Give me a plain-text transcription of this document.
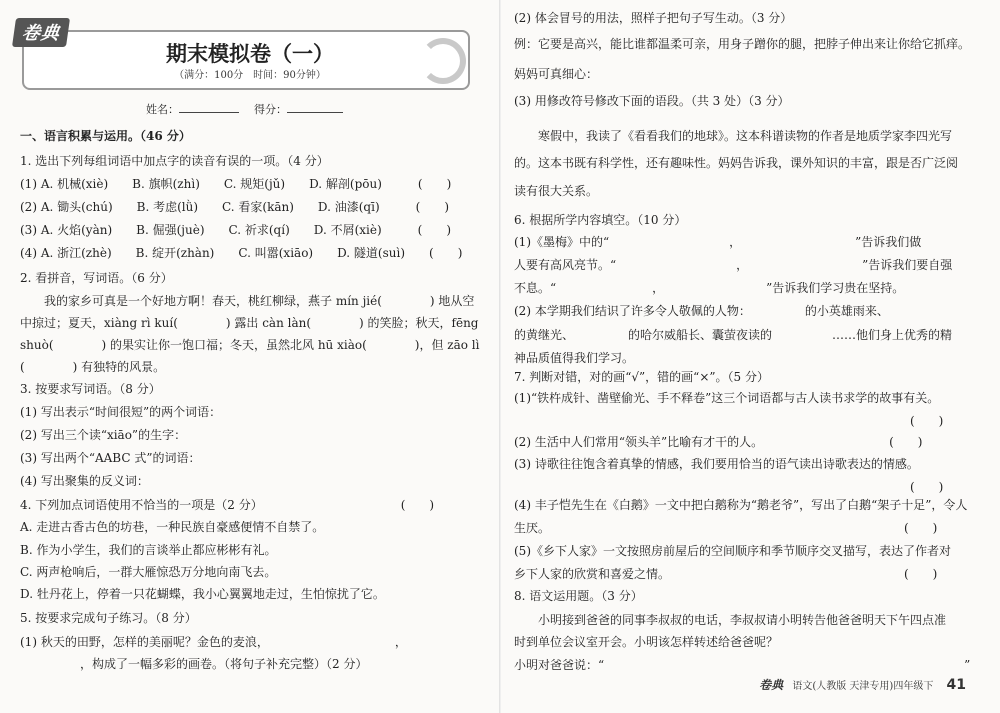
卷典
期末模拟卷（一）
（满分：100分　时间：90分钟）
姓名：	得分：
一、语言积累与运用。（46 分）
1. 选出下列每组词语中加点字的读音有误的一项。（4 分）
(1) A. 机械(xiè)　　B. 旗帜(zhì)　　C. 规矩(jǔ)　　D. 解剖(pōu)　　　(　　)
(2) A. 锄头(chú)　　B. 考虑(lǜ)　　C. 看家(kān)　　D. 油漆(qī)　　　(　　)
(3) A. 火焰(yàn)　　B. 倔强(juè)　　C. 祈求(qí)　　D. 不屑(xiè)　　　(　　)
(4) A. 浙江(zhè)　　B. 绽开(zhàn)　　C. 叫嚣(xiāo)　　D. 隧道(suì)　　(　　)
2. 看拼音，写词语。（6 分）
　　我的家乡可真是一个好地方啊！春天，桃红柳绿，燕子 mín jié(　　　　) 地从空
中掠过；夏天，xiàng rì kuí(　　　　) 露出 càn làn(　　　　) 的笑脸；秋天，fēng
shuò(　　　　) 的果实让你一饱口福；冬天，虽然北风 hū xiào(　　　　)，但 zāo lì
(　　　　) 有独特的风景。
3. 按要求写词语。（8 分）
(1) 写出表示“时间很短”的两个词语：　　　　　　　　　　　　
(2) 写出三个读“xiāo”的生字：　　　　　　　　　　
(3) 写出两个“AABC 式”的词语：　　　　　　　　　　　　
(4) 写出聚集的反义词：　　　　　
4. 下列加点词语使用不恰当的一项是（2 分）　　　　　　　　　　　　(　　)
A. 走进古香古色的坊巷，一种民族自豪感便情不自禁了。
B. 作为小学生，我们的言谈举止都应彬彬有礼。
C. 两声枪响后，一群大雁惊恐万分地向南飞去。
D. 牡丹花上，停着一只花蝴蝶，我小心翼翼地走过，生怕惊扰了它。
5. 按要求完成句子练习。（8 分）
(1) 秋天的田野，怎样的美丽呢？金色的麦浪，　　　　　　　　　　　，　　　　　　　　
　　　　　，构成了一幅多彩的画卷。（将句子补充完整）（2 分）
(2) 体会冒号的用法，照样子把句子写生动。（3 分）
例：它要是高兴，能比谁都温柔可亲，用身子蹭你的腿，把脖子伸出来让你给它抓痒。
妈妈可真细心：　　　　　　　　　　　　　　　　　　　　　　　　　　　　　　　
(3) 用修改符号修改下面的语段。（共 3 处）（3 分）
　　寒假中，我读了《看看我们的地球》。这本科谱读物的作者是地质学家李四光写
的。这本书既有科学性，还有趣味性。妈妈告诉我，课外知识的丰富，跟是否广泛阅
读有很大关系。
6. 根据所学内容填空。（10 分）
(1)《墨梅》中的“　　　　　　　　　　，　　　　　　　　　　”告诉我们做
人要有高风亮节。“　　　　　　　　　　，　　　　　　　　　　”告诉我们要自强
不息。“　　　　　　　　，　　　　　　　　　”告诉我们学习贵在坚持。
(2) 本学期我们结识了许多令人敬佩的人物：　　　　　的小英雄雨来、　　　　　
的黄继光、　　　　　的哈尔威船长、囊萤夜读的　　　　　……他们身上优秀的精
神品质值得我们学习。
7. 判断对错，对的画“√”，错的画“×”。（5 分）
(1)“铁杵成针、凿壁偷光、手不释卷”这三个词语都与古人读书求学的故事有关。
　　　　　　　　　　　　　　　　　　　　　　　　　　　　　　　　　(　　)
(2) 生活中人们常用“领头羊”比喻有才干的人。　　　　　　　　　　　(　　)
(3) 诗歌往往饱含着真挚的情感，我们要用恰当的语气读出诗歌表达的情感。
　　　　　　　　　　　　　　　　　　　　　　　　　　　　　　　　　(　　)
(4) 丰子恺先生在《白鹅》一文中把白鹅称为“鹅老爷”，写出了白鹅“架子十足”，令人
生厌。　　　　　　　　　　　　　　　　　　　　　　　　　　　　　　(　　)
(5)《乡下人家》一文按照房前屋后的空间顺序和季节顺序交叉描写，表达了作者对
乡下人家的欣赏和喜爱之情。　　　　　　　　　　　　　　　　　　　　(　　)
8. 语文运用题。（3 分）
　　小明接到爸爸的同事李叔叔的电话，李叔叔请小明转告他爸爸明天下午四点准
时到单位会议室开会。小明该怎样转述给爸爸呢？
小明对爸爸说：“　　　　　　　　　　　　　　　　　　　　　　　　　　　　　　”
卷典 语文(人教版 天津专用)四年级下 41
